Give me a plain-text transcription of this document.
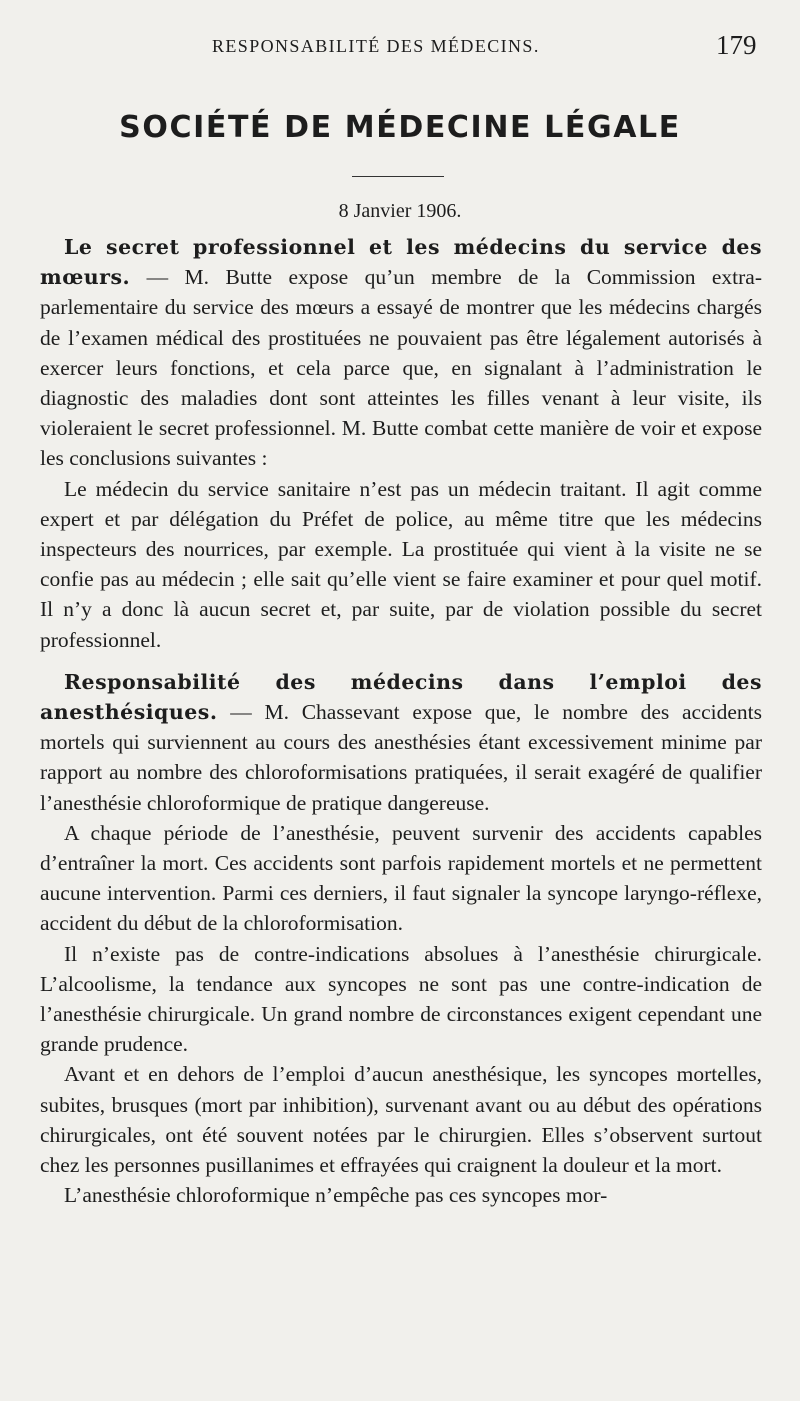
RESPONSABILITÉ DES MÉDECINS.	179
SOCIÉTÉ DE MÉDECINE LÉGALE
8 Janvier 1906.

Le secret professionnel et les médecins du service des mœurs. — M. Butte expose qu’un membre de la Commission extra-parlementaire du service des mœurs a essayé de montrer que les médecins chargés de l’examen médical des prostituées ne pouvaient pas être légalement autorisés à exercer leurs fonctions, et cela parce que, en signalant à l’administration le diagnostic des maladies dont sont atteintes les filles venant à leur visite, ils violeraient le secret professionnel. M. Butte combat cette manière de voir et expose les conclusions suivantes :

Le médecin du service sanitaire n’est pas un médecin traitant. Il agit comme expert et par délégation du Préfet de police, au même titre que les médecins inspecteurs des nourrices, par exemple. La prostituée qui vient à la visite ne se confie pas au médecin ; elle sait qu’elle vient se faire examiner et pour quel motif. Il n’y a donc là aucun secret et, par suite, par de violation possible du secret professionnel.

Responsabilité des médecins dans l’emploi des anesthésiques. — M. Chassevant expose que, le nombre des accidents mortels qui surviennent au cours des anesthésies étant excessivement minime par rapport au nombre des chloroformisations pratiquées, il serait exagéré de qualifier l’anesthésie chloroformique de pratique dangereuse.

A chaque période de l’anesthésie, peuvent survenir des accidents capables d’entraîner la mort. Ces accidents sont parfois rapidement mortels et ne permettent aucune intervention. Parmi ces derniers, il faut signaler la syncope laryngo-réflexe, accident du début de la chloroformisation.

Il n’existe pas de contre-indications absolues à l’anesthésie chirurgicale. L’alcoolisme, la tendance aux syncopes ne sont pas une contre-indication de l’anesthésie chirurgicale. Un grand nombre de circonstances exigent cependant une grande prudence.

Avant et en dehors de l’emploi d’aucun anesthésique, les syncopes mortelles, subites, brusques (mort par inhibition), survenant avant ou au début des opérations chirurgicales, ont été souvent notées par le chirurgien. Elles s’observent surtout chez les personnes pusillanimes et effrayées qui craignent la douleur et la mort.

L’anesthésie chloroformique n’empêche pas ces syncopes mor-
